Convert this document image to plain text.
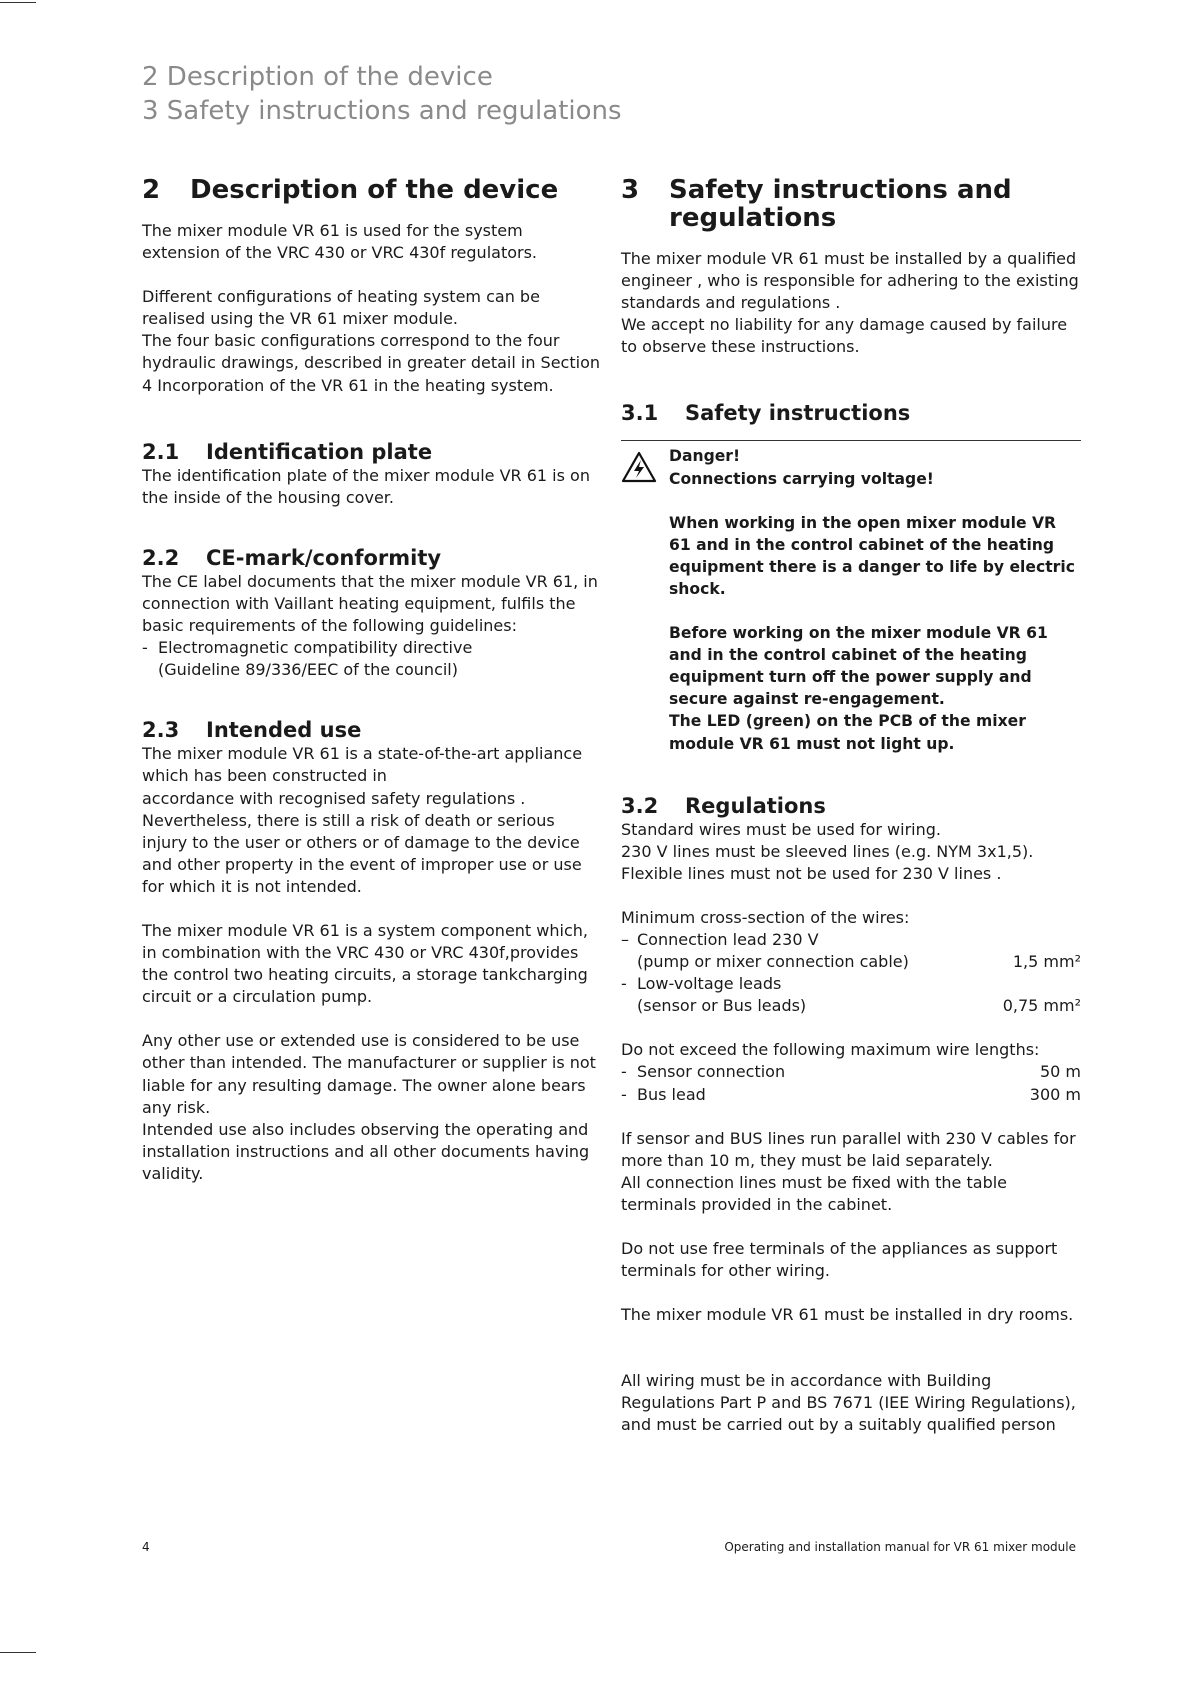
2 Description of the device
3 Safety instructions and regulations
2	Description of the device

The mixer module VR 61 is used for the system extension of the VRC 430 or VRC 430f regulators.

Different configurations of heating system can be realised using the VR 61 mixer module.

The four basic configurations correspond to the four hydraulic drawings, described in greater detail in Section 4 Incorporation of the VR 61 in the heating system.

2.1	Identification plate

The identification plate of the mixer module VR 61 is on the inside of the housing cover.

2.2	CE-mark/conformity

The CE label documents that the mixer module VR 61, in connection with Vaillant heating equipment, fulfils the basic requirements of the following guidelines:

- Electromagnetic compatibility directive
(Guideline 89/336/EEC of the council)
2.3	Intended use

The mixer module VR 61 is a state-of-the-art appliance which has been constructed in

accordance with recognised safety regulations .

Nevertheless, there is still a risk of death or serious injury to the user or others or of damage to the device and other property in the event of improper use or use for which it is not intended.

The mixer module VR 61 is a system component which, in combination with the VRC 430 or VRC 430f,provides the control two heating circuits, a storage tankcharging circuit or a circulation pump.

Any other use or extended use is considered to be use other than intended. The manufacturer or supplier is not liable for any resulting damage. The owner alone bears any risk.

Intended use also includes observing the operating and installation instructions and all other documents having validity.

3	Safety instructions and
regulations

The mixer module VR 61 must be installed by a qualified engineer , who is responsible for adhering to the existing standards and regulations .

We accept no liability for any damage caused by failure to observe these instructions.

3.1	Safety instructions

Danger!

Connections carrying voltage!

When working in the open mixer module VR 61 and in the control cabinet of the heating equipment there is a danger to life by electric shock.

Before working on the mixer module VR 61 and in the control cabinet of the heating equipment turn off the power supply and secure against re-engagement.

The LED (green) on the PCB of the mixer module VR 61 must not light up.

3.2	Regulations

Standard wires must be used for wiring.

230 V lines must be sleeved lines (e.g. NYM 3x1,5).

Flexible lines must not be used for 230 V lines .

Minimum cross-section of the wires:

– Connection lead 230 V
(pump or mixer connection cable)	1,5 mm²
- Low-voltage leads
(sensor or Bus leads)	0,75 mm²

Do not exceed the following maximum wire lengths:

- Sensor connection	50 m
- Bus lead	300 m

If sensor and BUS lines run parallel with 230 V cables for more than 10 m, they must be laid separately.

All connection lines must be fixed with the table terminals provided in the cabinet.

Do not use free terminals of the appliances as support terminals for other wiring.

The mixer module VR 61 must be installed in dry rooms.

All wiring must be in accordance with Building Regulations Part P and BS 7671 (IEE Wiring Regulations), and must be carried out by a suitably qualified person

4	Operating and installation manual for VR 61 mixer module
